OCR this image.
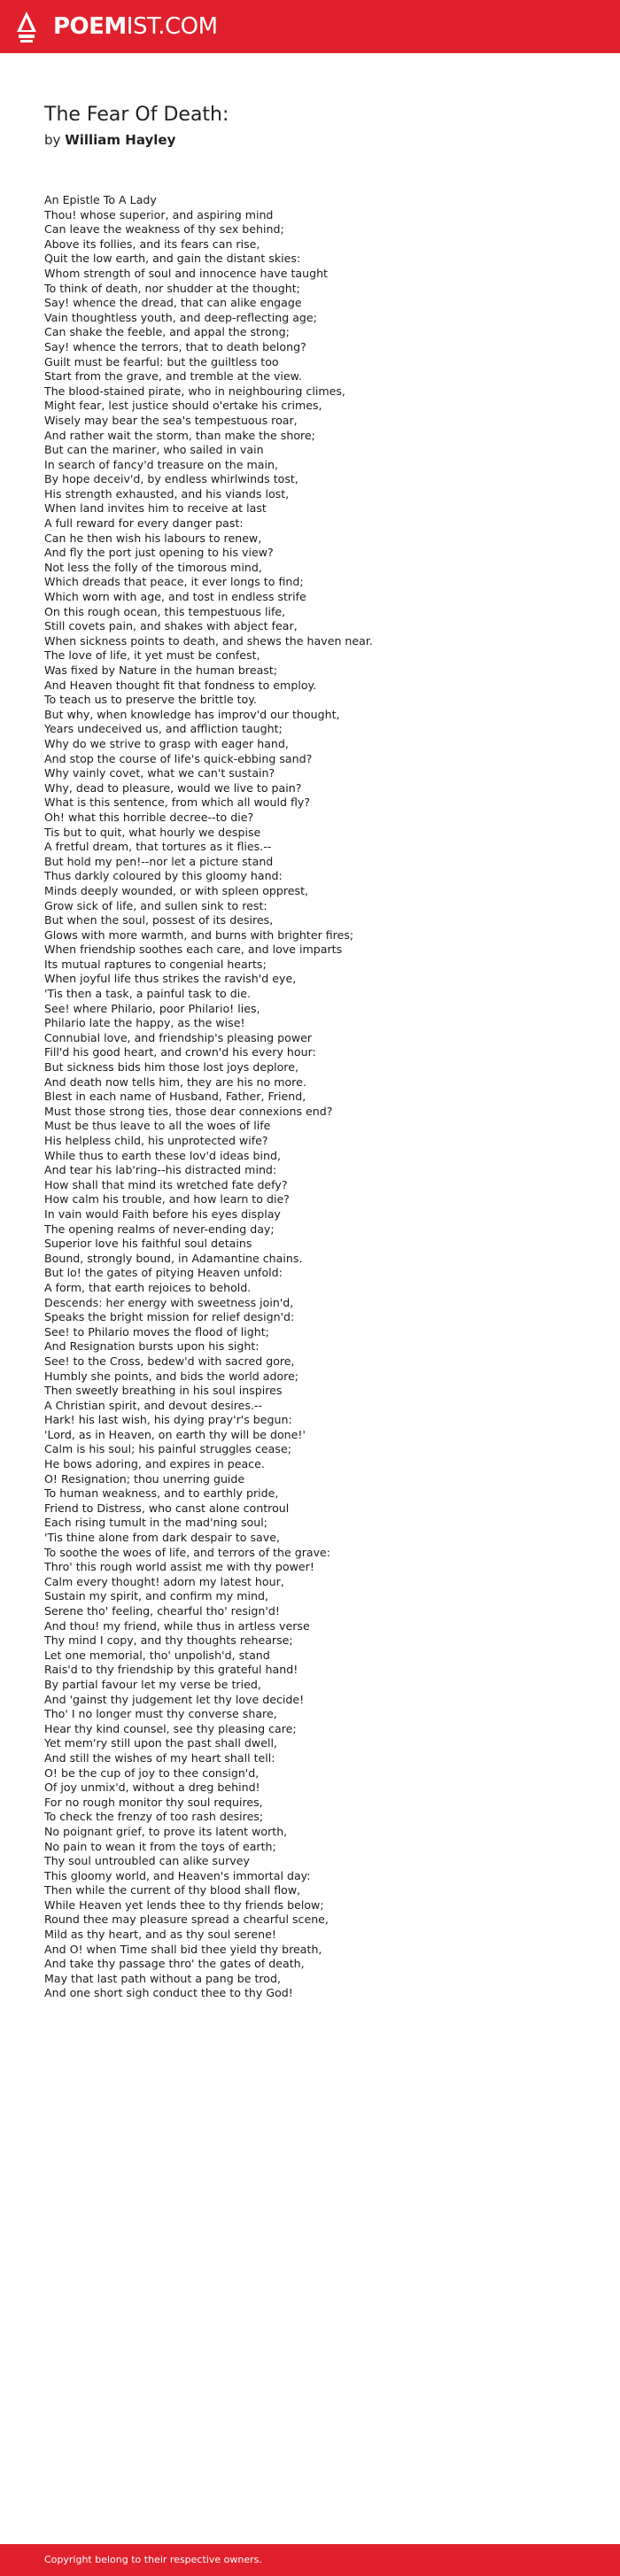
POEMIST.COM
The Fear Of Death:
by William Hayley
An Epistle To A Lady
Thou! whose superior, and aspiring mind
Can leave the weakness of thy sex behind;
Above its follies, and its fears can rise,
Quit the low earth, and gain the distant skies:
Whom strength of soul and innocence have taught
To think of death, nor shudder at the thought;
Say! whence the dread, that can alike engage
Vain thoughtless youth, and deep-reflecting age;
Can shake the feeble, and appal the strong;
Say! whence the terrors, that to death belong?
Guilt must be fearful: but the guiltless too
Start from the grave, and tremble at the view.
The blood-stained pirate, who in neighbouring climes,
Might fear, lest justice should o'ertake his crimes,
Wisely may bear the sea's tempestuous roar,
And rather wait the storm, than make the shore;
But can the mariner, who sailed in vain
In search of fancy'd treasure on the main,
By hope deceiv'd, by endless whirlwinds tost,
His strength exhausted, and his viands lost,
When land invites him to receive at last
A full reward for every danger past:
Can he then wish his labours to renew,
And fly the port just opening to his view?
Not less the folly of the timorous mind,
Which dreads that peace, it ever longs to find;
Which worn with age, and tost in endless strife
On this rough ocean, this tempestuous life,
Still covets pain, and shakes with abject fear,
When sickness points to death, and shews the haven near.
The love of life, it yet must be confest,
Was fixed by Nature in the human breast;
And Heaven thought fit that fondness to employ.
To teach us to preserve the brittle toy.
But why, when knowledge has improv'd our thought,
Years undeceived us, and affliction taught;
Why do we strive to grasp with eager hand,
And stop the course of life's quick-ebbing sand?
Why vainly covet, what we can't sustain?
Why, dead to pleasure, would we live to pain?
What is this sentence, from which all would fly?
Oh! what this horrible decree--to die?
Tis but to quit, what hourly we despise
A fretful dream, that tortures as it flies.--
But hold my pen!--nor let a picture stand
Thus darkly coloured by this gloomy hand:
Minds deeply wounded, or with spleen opprest,
Grow sick of life, and sullen sink to rest:
But when the soul, possest of its desires,
Glows with more warmth, and burns with brighter fires;
When friendship soothes each care, and love imparts
Its mutual raptures to congenial hearts;
When joyful life thus strikes the ravish'd eye,
'Tis then a task, a painful task to die.
See! where Philario, poor Philario! lies,
Philario late the happy, as the wise!
Connubial love, and friendship's pleasing power
Fill'd his good heart, and crown'd his every hour:
But sickness bids him those lost joys deplore,
And death now tells him, they are his no more.
Blest in each name of Husband, Father, Friend,
Must those strong ties, those dear connexions end?
Must be thus leave to all the woes of life
His helpless child, his unprotected wife?
While thus to earth these lov'd ideas bind,
And tear his lab'ring--his distracted mind:
How shall that mind its wretched fate defy?
How calm his trouble, and how learn to die?
In vain would Faith before his eyes display
The opening realms of never-ending day;
Superior love his faithful soul detains
Bound, strongly bound, in Adamantine chains.
But lo! the gates of pitying Heaven unfold:
A form, that earth rejoices to behold.
Descends: her energy with sweetness join'd,
Speaks the bright mission for relief design'd:
See! to Philario moves the flood of light;
And Resignation bursts upon his sight:
See! to the Cross, bedew'd with sacred gore,
Humbly she points, and bids the world adore;
Then sweetly breathing in his soul inspires
A Christian spirit, and devout desires.--
Hark! his last wish, his dying pray'r's begun:
'Lord, as in Heaven, on earth thy will be done!'
Calm is his soul; his painful struggles cease;
He bows adoring, and expires in peace.
O! Resignation; thou unerring guide
To human weakness, and to earthly pride,
Friend to Distress, who canst alone controul
Each rising tumult in the mad'ning soul;
'Tis thine alone from dark despair to save,
To soothe the woes of life, and terrors of the grave:
Thro' this rough world assist me with thy power!
Calm every thought! adorn my latest hour,
Sustain my spirit, and confirm my mind,
Serene tho' feeling, chearful tho' resign'd!
And thou! my friend, while thus in artless verse
Thy mind I copy, and thy thoughts rehearse;
Let one memorial, tho' unpolish'd, stand
Rais'd to thy friendship by this grateful hand!
By partial favour let my verse be tried,
And 'gainst thy judgement let thy love decide!
Tho' I no longer must thy converse share,
Hear thy kind counsel, see thy pleasing care;
Yet mem'ry still upon the past shall dwell,
And still the wishes of my heart shall tell:
O! be the cup of joy to thee consign'd,
Of joy unmix'd, without a dreg behind!
For no rough monitor thy soul requires,
To check the frenzy of too rash desires;
No poignant grief, to prove its latent worth,
No pain to wean it from the toys of earth;
Thy soul untroubled can alike survey
This gloomy world, and Heaven's immortal day:
Then while the current of thy blood shall flow,
While Heaven yet lends thee to thy friends below;
Round thee may pleasure spread a chearful scene,
Mild as thy heart, and as thy soul serene!
And O! when Time shall bid thee yield thy breath,
And take thy passage thro' the gates of death,
May that last path without a pang be trod,
And one short sigh conduct thee to thy God!
Copyright belong to their respective owners.
